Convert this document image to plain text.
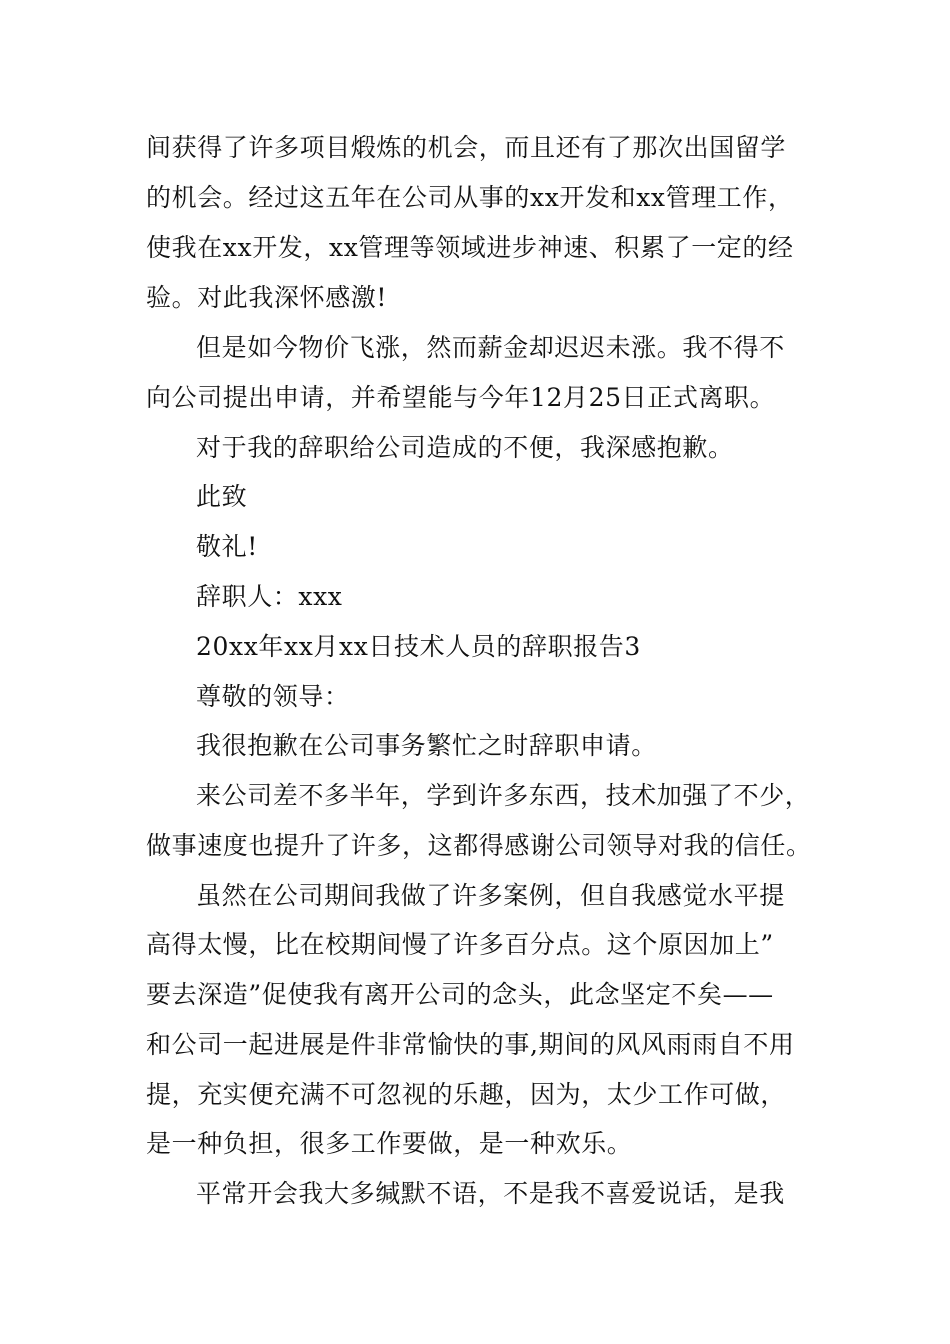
间获得了许多项目煅炼的机会，而且还有了那次出国留学
的机会。经过这五年在公司从事的xx开发和xx管理工作，
使我在xx开发，xx管理等领域进步神速、积累了一定的经
验。对此我深怀感激!
但是如今物价飞涨，然而薪金却迟迟未涨。我不得不
向公司提出申请，并希望能与今年12月25日正式离职。
对于我的辞职给公司造成的不便，我深感抱歉。
此致
敬礼!
辞职人：xxx
20xx年xx月xx日技术人员的辞职报告3
尊敬的领导：
我很抱歉在公司事务繁忙之时辞职申请。
来公司差不多半年，学到许多东西，技术加强了不少，
做事速度也提升了许多，这都得感谢公司领导对我的信任。
虽然在公司期间我做了许多案例，但自我感觉水平提
高得太慢，比在校期间慢了许多百分点。这个原因加上”
要去深造”促使我有离开公司的念头，此念坚定不矣——
和公司一起进展是件非常愉快的事,期间的风风雨雨自不用
提，充实便充满不可忽视的乐趣，因为，太少工作可做，
是一种负担，很多工作要做，是一种欢乐。
平常开会我大多缄默不语，不是我不喜爱说话，是我
